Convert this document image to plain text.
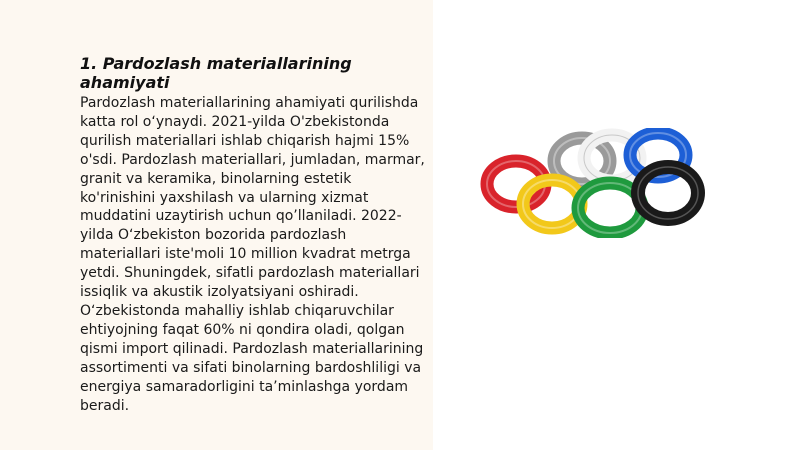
1. Pardozlash materiallarining ahamiyati

Pardozlash materiallarining ahamiyati qurilishda katta rol oʻynaydi. 2021-yilda O'zbekistonda qurilish materiallari ishlab chiqarish hajmi 15% o'sdi. Pardozlash materiallari, jumladan, marmar, granit va keramika, binolarning estetik ko'rinishini yaxshilash va ularning xizmat muddatini uzaytirish uchun qo’llaniladi. 2022-yilda Oʻzbekiston bozorida pardozlash materiallari iste'moli 10 million kvadrat metrga yetdi. Shuningdek, sifatli pardozlash materiallari issiqlik va akustik izolyatsiyani oshiradi. Oʻzbekistonda mahalliy ishlab chiqaruvchilar ehtiyojning faqat 60% ni qondira oladi, qolgan qismi import qilinadi. Pardozlash materiallarining assortimenti va sifati binolarning bardoshliligi va energiya samaradorligini ta’minlashga yordam beradi.
